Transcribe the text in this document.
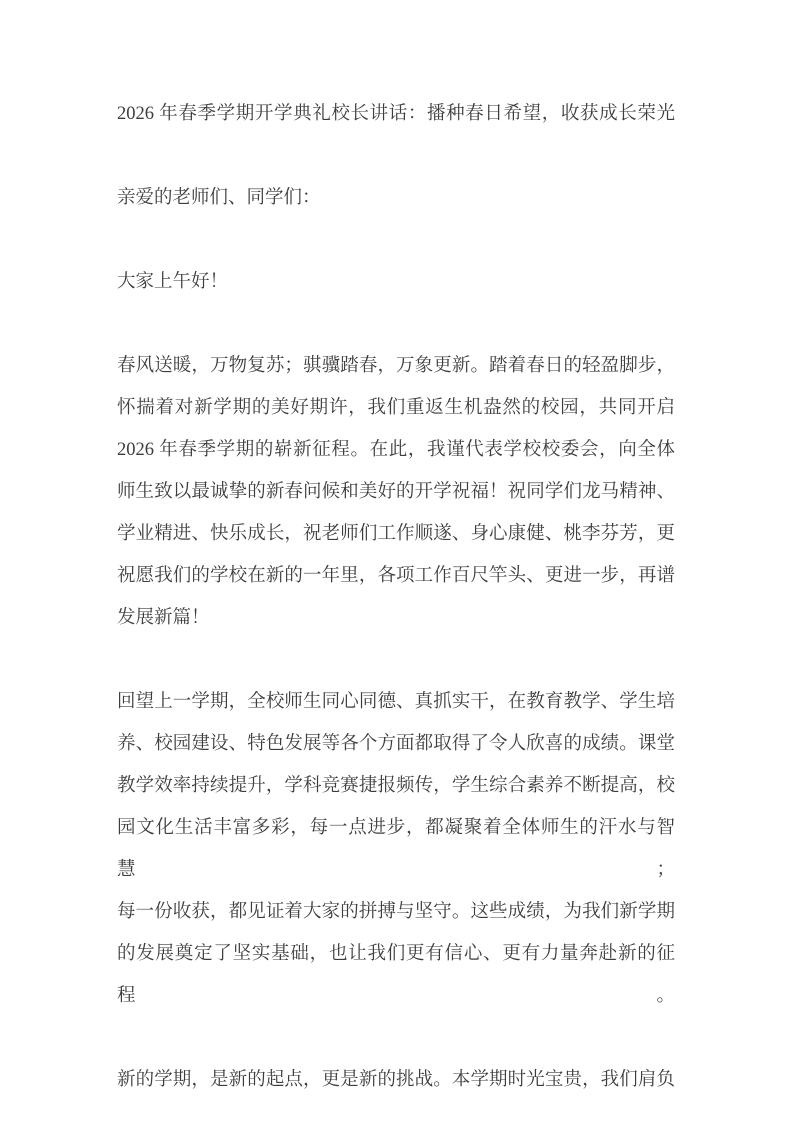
2026 年春季学期开学典礼校长讲话：播种春日希望，收获成长荣光
亲爱的老师们、同学们：
大家上午好！
春风送暖，万物复苏；骐骥踏春，万象更新。踏着春日的轻盈脚步，
怀揣着对新学期的美好期许，我们重返生机盎然的校园，共同开启
2026 年春季学期的崭新征程。在此，我谨代表学校校委会，向全体
师生致以最诚挚的新春问候和美好的开学祝福！祝同学们龙马精神、
学业精进、快乐成长，祝老师们工作顺遂、身心康健、桃李芬芳，更
祝愿我们的学校在新的一年里，各项工作百尺竿头、更进一步，再谱
发展新篇！
回望上一学期，全校师生同心同德、真抓实干，在教育教学、学生培
养、校园建设、特色发展等各个方面都取得了令人欣喜的成绩。课堂
教学效率持续提升，学科竞赛捷报频传，学生综合素养不断提高，校
园文化生活丰富多彩，每一点进步，都凝聚着全体师生的汗水与智慧；
每一份收获，都见证着大家的拼搏与坚守。这些成绩，为我们新学期
的发展奠定了坚实基础，也让我们更有信心、更有力量奔赴新的征程。
新的学期，是新的起点，更是新的挑战。本学期时光宝贵，我们肩负
